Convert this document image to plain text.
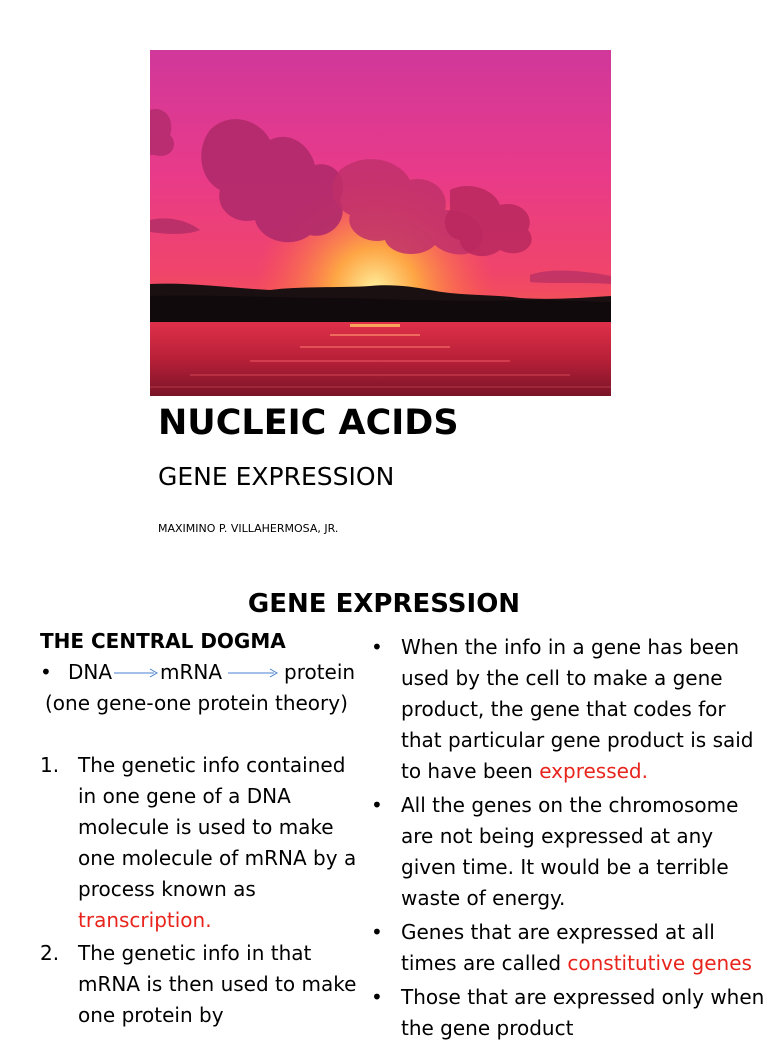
NUCLEIC ACIDS
GENE EXPRESSION
MAXIMINO P. VILLAHERMOSA, JR.
GENE EXPRESSION
THE CENTRAL DOGMA
• DNA mRNA	protein
(one gene-one protein theory)
1. The genetic info contained in one gene of a DNA molecule is used to make one molecule of mRNA by a process known as transcription.
2. The genetic info in that mRNA is then used to make one protein by
• When the info in a gene has been used by the cell to make a gene product, the gene that codes for that particular gene product is said to have been expressed.
• All the genes on the chromosome are not being expressed at any given time. It would be a terrible waste of energy.
• Genes that are expressed at all times are called constitutive genes
• Those that are expressed only when the gene product
